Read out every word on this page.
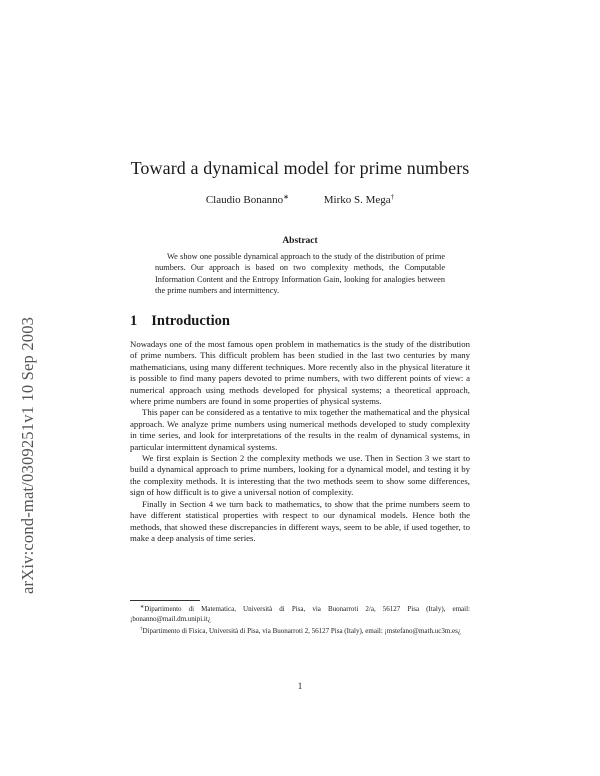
arXiv:cond-mat/0309251v1 10 Sep 2003
Toward a dynamical model for prime numbers
Claudio Bonanno∗	Mirko S. Mega†
Abstract
We show one possible dynamical approach to the study of the distribution of prime numbers. Our approach is based on two complexity methods, the Computable Information Content and the Entropy Information Gain, looking for analogies between the prime numbers and intermittency.
1 Introduction

Nowadays one of the most famous open problem in mathematics is the study of the distribution of prime numbers. This difficult problem has been studied in the last two centuries by many mathematicians, using many different techniques. More recently also in the physical literature it is possible to find many papers devoted to prime numbers, with two different points of view: a numerical approach using methods developed for physical systems; a theoretical approach, where prime numbers are found in some properties of physical systems.

This paper can be considered as a tentative to mix together the mathematical and the physical approach. We analyze prime numbers using numerical methods developed to study complexity in time series, and look for interpretations of the results in the realm of dynamical systems, in particular intermittent dynamical systems.

We first explain is Section 2 the complexity methods we use. Then in Section 3 we start to build a dynamical approach to prime numbers, looking for a dynamical model, and testing it by the complexity methods. It is interesting that the two methods seem to show some differences, sign of how difficult is to give a universal notion of complexity.

Finally in Section 4 we turn back to mathematics, to show that the prime numbers seem to have different statistical properties with respect to our dynamical models. Hence both the methods, that showed these discrepancies in different ways, seem to be able, if used together, to make a deep analysis of time series.

∗Dipartimento di Matematica, Università di Pisa, via Buonarroti 2/a, 56127 Pisa (Italy), email: ¡bonanno@mail.dm.unipi.it¿

†Dipartimento di Fisica, Università di Pisa, via Buonarroti 2, 56127 Pisa (Italy), email: ¡mstefano@math.uc3m.es¿

1
